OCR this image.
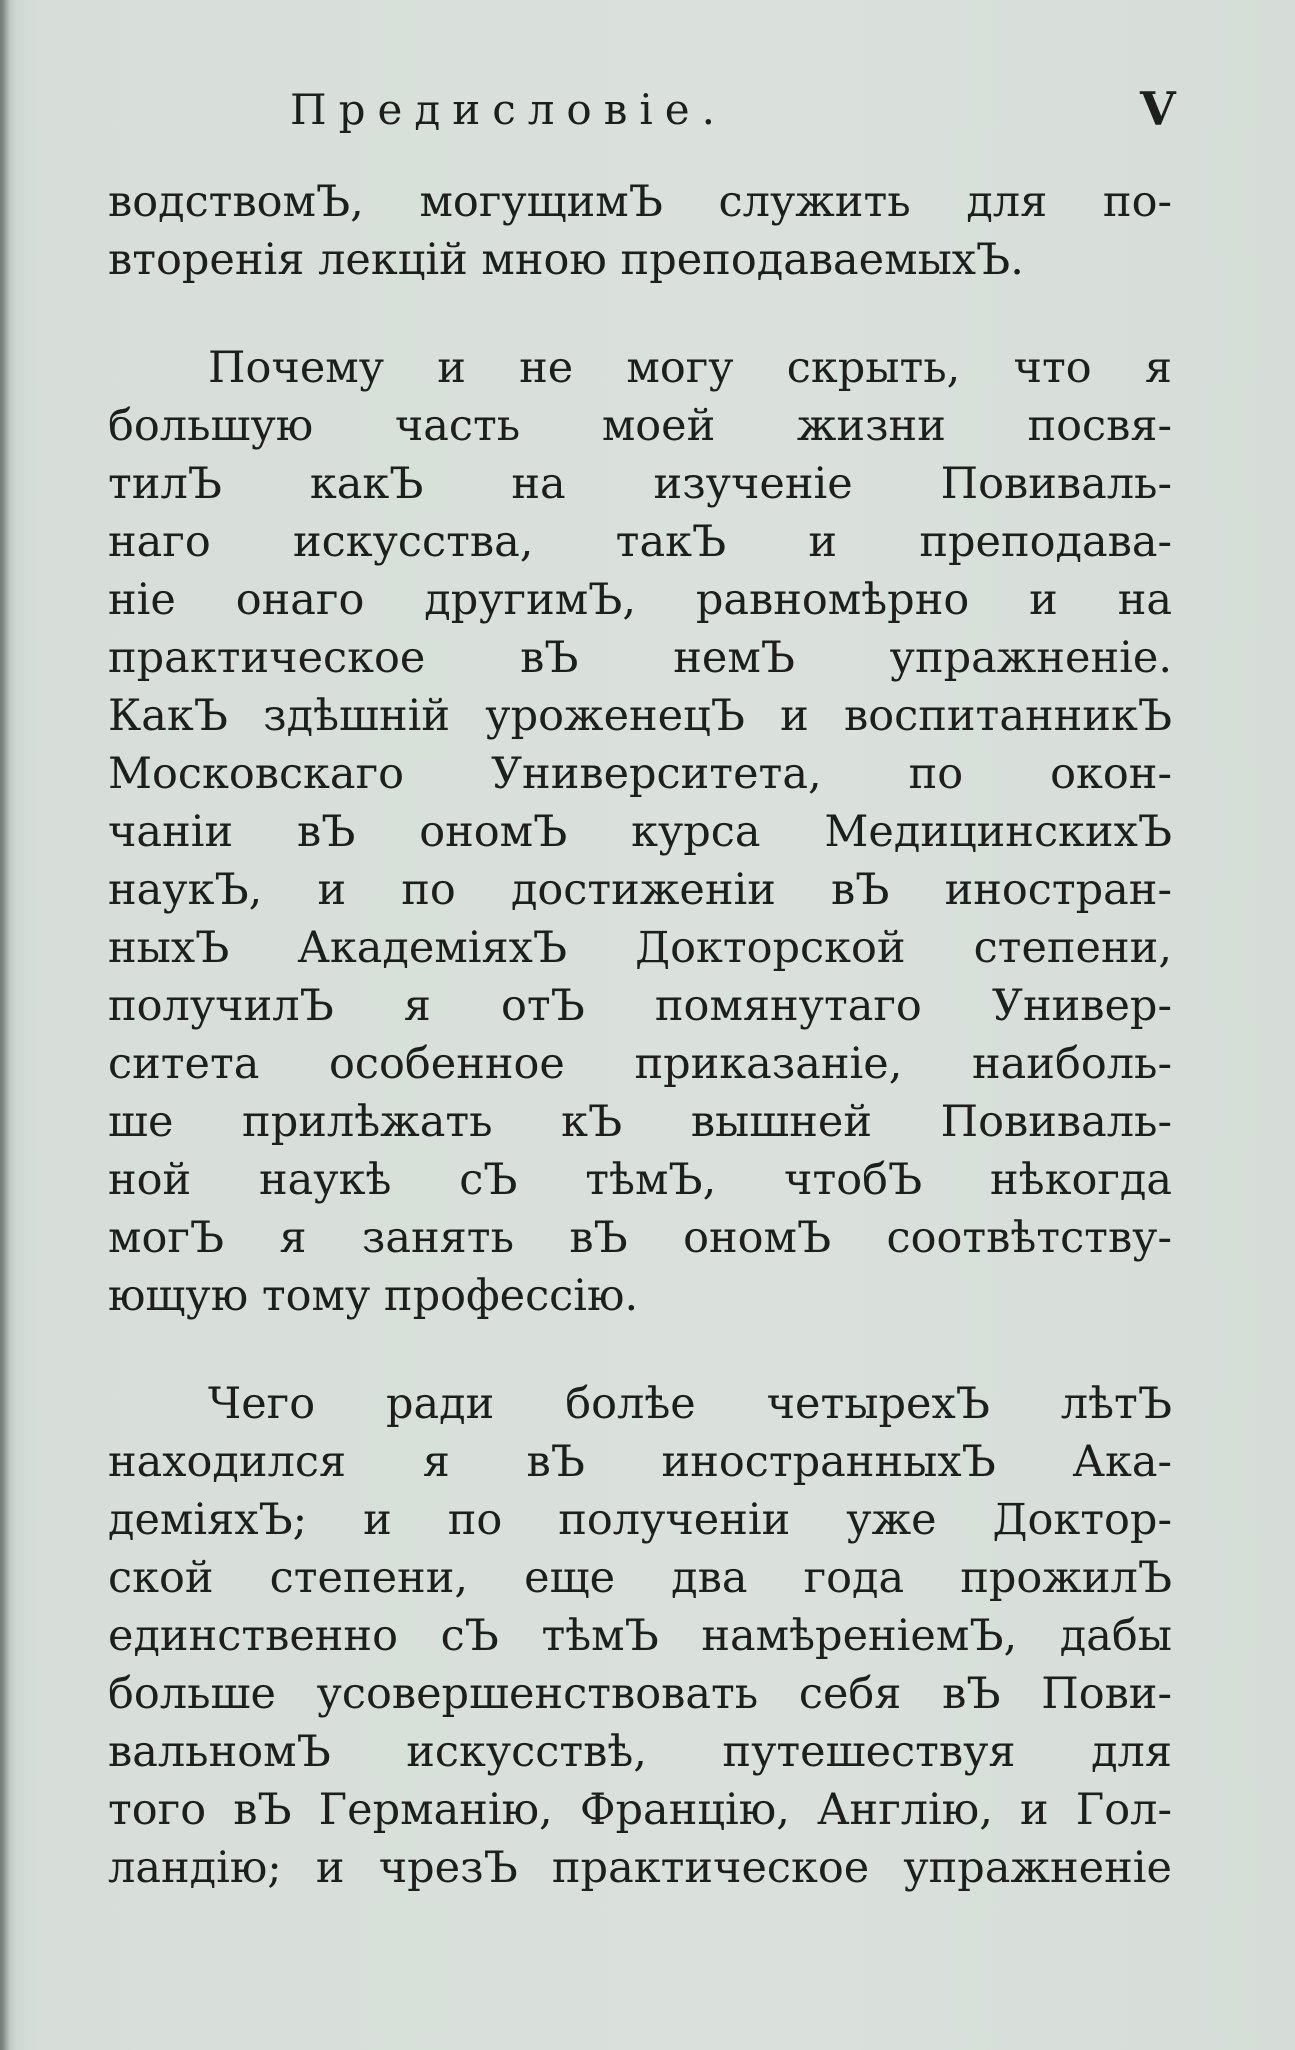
Предисловіе.	V
водствомЪ, могущимЪ служить для по-
вторенія лекцій мною преподаваемыхЪ.
Почему и не могу скрыть, что я
большую часть моей жизни посвя-
тилЪ какЪ на изученіе Повиваль-
наго искусства, такЪ и преподава-
ніе онаго другимЪ, равномѣрно и на
практическое вЪ немЪ упражненіе.
КакЪ здѣшній уроженецЪ и воспитанникЪ
Московскаго Университета, по окон-
чаніи вЪ ономЪ курса МедицинскихЪ
наукЪ, и по достиженіи вЪ иностран-
ныхЪ АкадеміяхЪ Докторской степени,
получилЪ я отЪ помянутаго Универ-
ситета особенное приказаніе, наиболь-
ше прилѣжать кЪ вышней Повиваль-
ной наукѣ сЪ тѣмЪ, чтобЪ нѣкогда
могЪ я занять вЪ ономЪ соотвѣтству-
ющую тому профессію.
Чего ради болѣе четырехЪ лѣтЪ
находился я вЪ иностранныхЪ Ака-
деміяхЪ; и по полученіи уже Доктор-
ской степени, еще два года прожилЪ
единственно сЪ тѣмЪ намѣреніемЪ, дабы
больше усовершенствовать себя вЪ Пови-
вальномЪ искусствѣ, путешествуя для
того вЪ Германію, Францію, Англію, и Гол-
ландію; и чрезЪ практическое упражненіе
